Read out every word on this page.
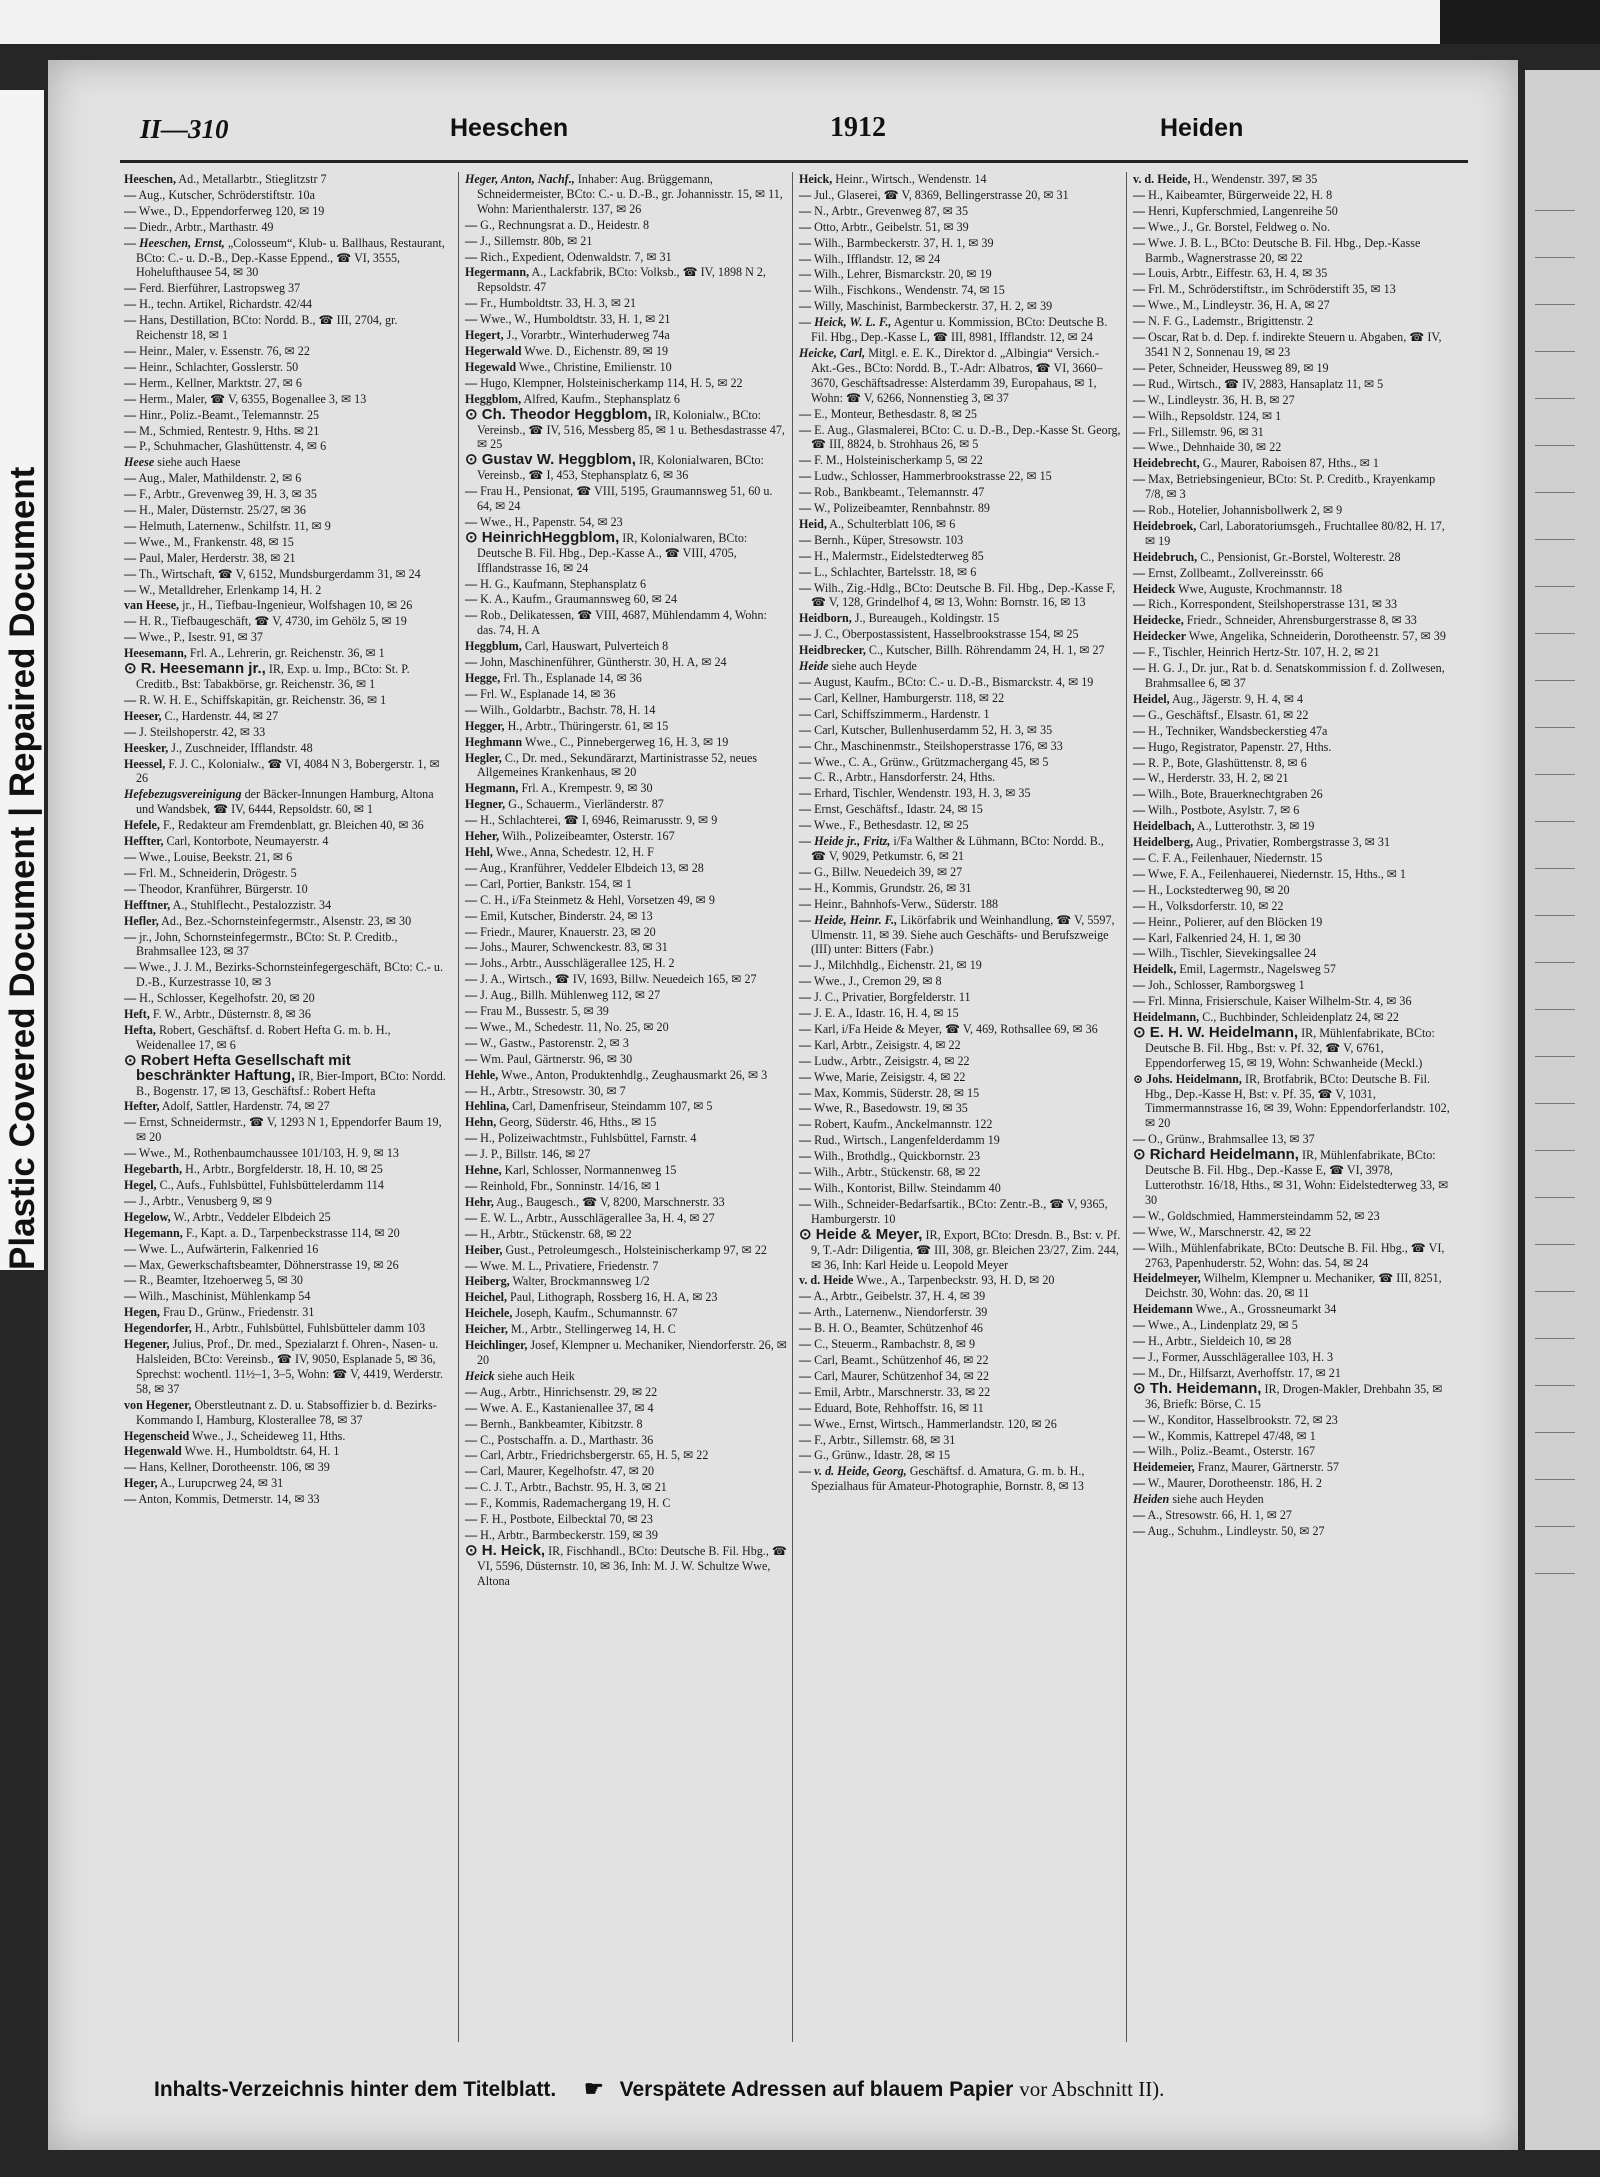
Plastic Covered Document | Repaired Document
II—310	Heeschen	1912	Heiden
Heeschen, Ad., Metallarbtr., Stieglitzstr 7
— Aug., Kutscher, Schröderstiftstr. 10a
— Wwe., D., Eppendorferweg 120, ✉ 19
— Diedr., Arbtr., Marthastr. 49
— Heeschen, Ernst, „Colosseum“, Klub- u. Ballhaus, Restaurant, BCto: C.- u. D.-B., Dep.-Kasse Eppend., ☎ VI, 3555, Hohelufthausee 54, ✉ 30
— Ferd. Bierführer, Lastropsweg 37
— H., techn. Artikel, Richardstr. 42/44
— Hans, Destillation, BCto: Nordd. B., ☎ III, 2704, gr. Reichenstr 18, ✉ 1
— Heinr., Maler, v. Essenstr. 76, ✉ 22
— Heinr., Schlachter, Gosslerstr. 50
— Herm., Kellner, Marktstr. 27, ✉ 6
— Herm., Maler, ☎ V, 6355, Bogenallee 3, ✉ 13
— Hinr., Poliz.-Beamt., Telemannstr. 25
— M., Schmied, Rentestr. 9, Hths. ✉ 21
— P., Schuhmacher, Glashüttenstr. 4, ✉ 6
Heese siehe auch Haese
— Aug., Maler, Mathildenstr. 2, ✉ 6
— F., Arbtr., Grevenweg 39, H. 3, ✉ 35
— H., Maler, Düsternstr. 25/27, ✉ 36
— Helmuth, Laternenw., Schilfstr. 11, ✉ 9
— Wwe., M., Frankenstr. 48, ✉ 15
— Paul, Maler, Herderstr. 38, ✉ 21
— Th., Wirtschaft, ☎ V, 6152, Mundsburgerdamm 31, ✉ 24
— W., Metalldreher, Erlenkamp 14, H. 2
van Heese, jr., H., Tiefbau-Ingenieur, Wolfshagen 10, ✉ 26
— H. R., Tiefbaugeschäft, ☎ V, 4730, im Gehölz 5, ✉ 19
— Wwe., P., Isestr. 91, ✉ 37
Heesemann, Frl. A., Lehrerin, gr. Reichenstr. 36, ✉ 1
⊙ R. Heesemann jr., IR, Exp. u. Imp., BCto: St. P. Creditb., Bst: Tabakbörse, gr. Reichenstr. 36, ✉ 1
— R. W. H. E., Schiffskapitän, gr. Reichenstr. 36, ✉ 1
Heeser, C., Hardenstr. 44, ✉ 27
— J. Steilshoperstr. 42, ✉ 33
Heesker, J., Zuschneider, Ifflandstr. 48
Heessel, F. J. C., Kolonialw., ☎ VI, 4084 N 3, Bobergerstr. 1, ✉ 26
Hefebezugsvereinigung der Bäcker-Innungen Hamburg, Altona und Wandsbek, ☎ IV, 6444, Repsoldstr. 60, ✉ 1
Hefele, F., Redakteur am Fremdenblatt, gr. Bleichen 40, ✉ 36
Heffter, Carl, Kontorbote, Neumayerstr. 4
— Wwe., Louise, Beekstr. 21, ✉ 6
— Frl. M., Schneiderin, Drögestr. 5
— Theodor, Kranführer, Bürgerstr. 10
Hefftner, A., Stuhlflecht., Pestalozzistr. 34
Hefler, Ad., Bez.-Schornsteinfegermstr., Alsenstr. 23, ✉ 30
— jr., John, Schornsteinfegermstr., BCto: St. P. Creditb., Brahmsallee 123, ✉ 37
— Wwe., J. J. M., Bezirks-Schornsteinfegergeschäft, BCto: C.- u. D.-B., Kurzestrasse 10, ✉ 3
— H., Schlosser, Kegelhofstr. 20, ✉ 20
Heft, F. W., Arbtr., Düsternstr. 8, ✉ 36
Hefta, Robert, Geschäftsf. d. Robert Hefta G. m. b. H., Weidenallee 17, ✉ 6
⊙ Robert Hefta Gesellschaft mit beschränkter Haftung, IR, Bier-Import, BCto: Nordd. B., Bogenstr. 17, ✉ 13, Geschäftsf.: Robert Hefta
Hefter, Adolf, Sattler, Hardenstr. 74, ✉ 27
— Ernst, Schneidermstr., ☎ V, 1293 N 1, Eppendorfer Baum 19, ✉ 20
— Wwe., M., Rothenbaumchaussee 101/103, H. 9, ✉ 13
Hegebarth, H., Arbtr., Borgfelderstr. 18, H. 10, ✉ 25
Hegel, C., Aufs., Fuhlsbüttel, Fuhlsbüttelerdamm 114
— J., Arbtr., Venusberg 9, ✉ 9
Hegelow, W., Arbtr., Veddeler Elbdeich 25
Hegemann, F., Kapt. a. D., Tarpenbeckstrasse 114, ✉ 20
— Wwe. L., Aufwärterin, Falkenried 16
— Max, Gewerkschaftsbeamter, Döhnerstrasse 19, ✉ 26
— R., Beamter, Itzehoerweg 5, ✉ 30
— Wilh., Maschinist, Mühlenkamp 54
Hegen, Frau D., Grünw., Friedenstr. 31
Hegendorfer, H., Arbtr., Fuhlsbüttel, Fuhlsbütteler damm 103
Hegener, Julius, Prof., Dr. med., Spezialarzt f. Ohren-, Nasen- u. Halsleiden, BCto: Vereinsb., ☎ IV, 9050, Esplanade 5, ✉ 36, Sprechst: wochentl. 11½–1, 3–5, Wohn: ☎ V, 4419, Werderstr. 58, ✉ 37
von Hegener, Oberstleutnant z. D. u. Stabsoffizier b. d. Bezirks-Kommando I, Hamburg, Klosterallee 78, ✉ 37
Hegenscheid Wwe., J., Scheideweg 11, Hths.
Hegenwald Wwe. H., Humboldtstr. 64, H. 1
— Hans, Kellner, Dorotheenstr. 106, ✉ 39
Heger, A., Lurupcrweg 24, ✉ 31
— Anton, Kommis, Detmerstr. 14, ✉ 33
Heger, Anton, Nachf., Inhaber: Aug. Brüggemann, Schneidermeister, BCto: C.- u. D.-B., gr. Johannisstr. 15, ✉ 11, Wohn: Marienthalerstr. 137, ✉ 26
— G., Rechnungsrat a. D., Heidestr. 8
— J., Sillemstr. 80b, ✉ 21
— Rich., Expedient, Odenwaldstr. 7, ✉ 31
Hegermann, A., Lackfabrik, BCto: Volksb., ☎ IV, 1898 N 2, Repsoldstr. 47
— Fr., Humboldtstr. 33, H. 3, ✉ 21
— Wwe., W., Humboldtstr. 33, H. 1, ✉ 21
Hegert, J., Vorarbtr., Winterhuderweg 74a
Hegerwald Wwe. D., Eichenstr. 89, ✉ 19
Hegewald Wwe., Christine, Emilienstr. 10
— Hugo, Klempner, Holsteinischerkamp 114, H. 5, ✉ 22
Heggblom, Alfred, Kaufm., Stephansplatz 6
⊙ Ch. Theodor Heggblom, IR, Kolonialw., BCto: Vereinsb., ☎ IV, 516, Messberg 85, ✉ 1 u. Bethesdastrasse 47, ✉ 25
⊙ Gustav W. Heggblom, IR, Kolonialwaren, BCto: Vereinsb., ☎ I, 453, Stephansplatz 6, ✉ 36
— Frau H., Pensionat, ☎ VIII, 5195, Graumannsweg 51, 60 u. 64, ✉ 24
— Wwe., H., Papenstr. 54, ✉ 23
⊙ HeinrichHeggblom, IR, Kolonialwaren, BCto: Deutsche B. Fil. Hbg., Dep.-Kasse A., ☎ VIII, 4705, Ifflandstrasse 16, ✉ 24
— H. G., Kaufmann, Stephansplatz 6
— K. A., Kaufm., Graumannsweg 60, ✉ 24
— Rob., Delikatessen, ☎ VIII, 4687, Mühlendamm 4, Wohn: das. 74, H. A
Heggblum, Carl, Hauswart, Pulverteich 8
— John, Maschinenführer, Güntherstr. 30, H. A, ✉ 24
Hegge, Frl. Th., Esplanade 14, ✉ 36
— Frl. W., Esplanade 14, ✉ 36
— Wilh., Goldarbtr., Bachstr. 78, H. 14
Hegger, H., Arbtr., Thüringerstr. 61, ✉ 15
Heghmann Wwe., C., Pinnebergerweg 16, H. 3, ✉ 19
Hegler, C., Dr. med., Sekundärarzt, Martinistrasse 52, neues Allgemeines Krankenhaus, ✉ 20
Hegmann, Frl. A., Krempestr. 9, ✉ 30
Hegner, G., Schauerm., Vierländerstr. 87
— H., Schlachterei, ☎ I, 6946, Reimarusstr. 9, ✉ 9
Heher, Wilh., Polizeibeamter, Osterstr. 167
Hehl, Wwe., Anna, Schedestr. 12, H. F
— Aug., Kranführer, Veddeler Elbdeich 13, ✉ 28
— Carl, Portier, Bankstr. 154, ✉ 1
— C. H., i/Fa Steinmetz & Hehl, Vorsetzen 49, ✉ 9
— Emil, Kutscher, Binderstr. 24, ✉ 13
— Friedr., Maurer, Knauerstr. 23, ✉ 20
— Johs., Maurer, Schwenckestr. 83, ✉ 31
— Johs., Arbtr., Ausschlägerallee 125, H. 2
— J. A., Wirtsch., ☎ IV, 1693, Billw. Neuedeich 165, ✉ 27
— J. Aug., Billh. Mühlenweg 112, ✉ 27
— Frau M., Bussestr. 5, ✉ 39
— Wwe., M., Schedestr. 11, No. 25, ✉ 20
— W., Gastw., Pastorenstr. 2, ✉ 3
— Wm. Paul, Gärtnerstr. 96, ✉ 30
Hehle, Wwe., Anton, Produktenhdlg., Zeughausmarkt 26, ✉ 3
— H., Arbtr., Stresowstr. 30, ✉ 7
Hehlina, Carl, Damenfriseur, Steindamm 107, ✉ 5
Hehn, Georg, Süderstr. 46, Hths., ✉ 15
— H., Polizeiwachtmstr., Fuhlsbüttel, Farnstr. 4
— J. P., Billstr. 146, ✉ 27
Hehne, Karl, Schlosser, Normannenweg 15
— Reinhold, Fbr., Sonninstr. 14/16, ✉ 1
Hehr, Aug., Baugesch., ☎ V, 8200, Marschnerstr. 33
— E. W. L., Arbtr., Ausschlägerallee 3a, H. 4, ✉ 27
— H., Arbtr., Stückenstr. 68, ✉ 22
Heiber, Gust., Petroleumgesch., Holsteinischerkamp 97, ✉ 22
— Wwe. M. L., Privatiere, Friedenstr. 7
Heiberg, Walter, Brockmannsweg 1/2
Heichel, Paul, Lithograph, Rossberg 16, H. A, ✉ 23
Heichele, Joseph, Kaufm., Schumannstr. 67
Heicher, M., Arbtr., Stellingerweg 14, H. C
Heichlinger, Josef, Klempner u. Mechaniker, Niendorferstr. 26, ✉ 20
Heick siehe auch Heik
— Aug., Arbtr., Hinrichsenstr. 29, ✉ 22
— Wwe. A. E., Kastanienallee 37, ✉ 4
— Bernh., Bankbeamter, Kibitzstr. 8
— C., Postschaffn. a. D., Marthastr. 36
— Carl, Arbtr., Friedrichsbergerstr. 65, H. 5, ✉ 22
— Carl, Maurer, Kegelhofstr. 47, ✉ 20
— C. J. T., Arbtr., Bachstr. 95, H. 3, ✉ 21
— F., Kommis, Rademachergang 19, H. C
— F. H., Postbote, Eilbecktal 70, ✉ 23
— H., Arbtr., Barmbeckerstr. 159, ✉ 39
⊙ H. Heick, IR, Fischhandl., BCto: Deutsche B. Fil. Hbg., ☎ VI, 5596, Düsternstr. 10, ✉ 36, Inh: M. J. W. Schultze Wwe, Altona
Heick, Heinr., Wirtsch., Wendenstr. 14
— Jul., Glaserei, ☎ V, 8369, Bellingerstrasse 20, ✉ 31
— N., Arbtr., Grevenweg 87, ✉ 35
— Otto, Arbtr., Geibelstr. 51, ✉ 39
— Wilh., Barmbeckerstr. 37, H. 1, ✉ 39
— Wilh., Ifflandstr. 12, ✉ 24
— Wilh., Lehrer, Bismarckstr. 20, ✉ 19
— Wilh., Fischkons., Wendenstr. 74, ✉ 15
— Willy, Maschinist, Barmbeckerstr. 37, H. 2, ✉ 39
— Heick, W. L. F., Agentur u. Kommission, BCto: Deutsche B. Fil. Hbg., Dep.-Kasse L, ☎ III, 8981, Ifflandstr. 12, ✉ 24
Heicke, Carl, Mitgl. e. E. K., Direktor d. „Albingia“ Versich.- Akt.-Ges., BCto: Nordd. B., T.-Adr: Albatros, ☎ VI, 3660–3670, Geschäftsadresse: Alsterdamm 39, Europahaus, ✉ 1, Wohn: ☎ V, 6266, Nonnenstieg 3, ✉ 37
— E., Monteur, Bethesdastr. 8, ✉ 25
— E. Aug., Glasmalerei, BCto: C. u. D.-B., Dep.-Kasse St. Georg, ☎ III, 8824, b. Strohhaus 26, ✉ 5
— F. M., Holsteinischerkamp 5, ✉ 22
— Ludw., Schlosser, Hammerbrookstrasse 22, ✉ 15
— Rob., Bankbeamt., Telemannstr. 47
— W., Polizeibeamter, Rennbahnstr. 89
Heid, A., Schulterblatt 106, ✉ 6
— Bernh., Küper, Stresowstr. 103
— H., Malermstr., Eidelstedterweg 85
— L., Schlachter, Bartelsstr. 18, ✉ 6
— Wilh., Zig.-Hdlg., BCto: Deutsche B. Fil. Hbg., Dep.-Kasse F, ☎ V, 128, Grindelhof 4, ✉ 13, Wohn: Bornstr. 16, ✉ 13
Heidborn, J., Bureaugeh., Koldingstr. 15
— J. C., Oberpostassistent, Hasselbrookstrasse 154, ✉ 25
Heidbrecker, C., Kutscher, Billh. Röhrendamm 24, H. 1, ✉ 27
Heide siehe auch Heyde
— August, Kaufm., BCto: C.- u. D.-B., Bismarckstr. 4, ✉ 19
— Carl, Kellner, Hamburgerstr. 118, ✉ 22
— Carl, Schiffszimmerm., Hardenstr. 1
— Carl, Kutscher, Bullenhuserdamm 52, H. 3, ✉ 35
— Chr., Maschinenmstr., Steilshoperstrasse 176, ✉ 33
— Wwe., C. A., Grünw., Grützmachergang 45, ✉ 5
— C. R., Arbtr., Hansdorferstr. 24, Hths.
— Erhard, Tischler, Wendenstr. 193, H. 3, ✉ 35
— Ernst, Geschäftsf., Idastr. 24, ✉ 15
— Wwe., F., Bethesdastr. 12, ✉ 25
— Heide jr., Fritz, i/Fa Walther & Lühmann, BCto: Nordd. B., ☎ V, 9029, Petkumstr. 6, ✉ 21
— G., Billw. Neuedeich 39, ✉ 27
— H., Kommis, Grundstr. 26, ✉ 31
— Heinr., Bahnhofs-Verw., Süderstr. 188
— Heide, Heinr. F., Likörfabrik und Weinhandlung, ☎ V, 5597, Ulmenstr. 11, ✉ 39. Siehe auch Geschäfts- und Berufszweige (III) unter: Bitters (Fabr.)
— J., Milchhdlg., Eichenstr. 21, ✉ 19
— Wwe., J., Cremon 29, ✉ 8
— J. C., Privatier, Borgfelderstr. 11
— J. E. A., Idastr. 16, H. 4, ✉ 15
— Karl, i/Fa Heide & Meyer, ☎ V, 469, Rothsallee 69, ✉ 36
— Karl, Arbtr., Zeisigstr. 4, ✉ 22
— Ludw., Arbtr., Zeisigstr. 4, ✉ 22
— Wwe, Marie, Zeisigstr. 4, ✉ 22
— Max, Kommis, Süderstr. 28, ✉ 15
— Wwe, R., Basedowstr. 19, ✉ 35
— Robert, Kaufm., Anckelmannstr. 122
— Rud., Wirtsch., Langenfelderdamm 19
— Wilh., Brothdlg., Quickbornstr. 23
— Wilh., Arbtr., Stückenstr. 68, ✉ 22
— Wilh., Kontorist, Billw. Steindamm 40
— Wilh., Schneider-Bedarfsartik., BCto: Zentr.-B., ☎ V, 9365, Hamburgerstr. 10
⊙ Heide & Meyer, IR, Export, BCto: Dresdn. B., Bst: v. Pf. 9, T.-Adr: Diligentia, ☎ III, 308, gr. Bleichen 23/27, Zim. 244, ✉ 36, Inh: Karl Heide u. Leopold Meyer
v. d. Heide Wwe., A., Tarpenbeckstr. 93, H. D, ✉ 20
— A., Arbtr., Geibelstr. 37, H. 4, ✉ 39
— Arth., Laternenw., Niendorferstr. 39
— B. H. O., Beamter, Schützenhof 46
— C., Steuerm., Rambachstr. 8, ✉ 9
— Carl, Beamt., Schützenhof 46, ✉ 22
— Carl, Maurer, Schützenhof 34, ✉ 22
— Emil, Arbtr., Marschnerstr. 33, ✉ 22
— Eduard, Bote, Rehhoffstr. 16, ✉ 11
— Wwe., Ernst, Wirtsch., Hammerlandstr. 120, ✉ 26
— F., Arbtr., Sillemstr. 68, ✉ 31
— G., Grünw., Idastr. 28, ✉ 15
— v. d. Heide, Georg, Geschäftsf. d. Amatura, G. m. b. H., Spezialhaus für Amateur-Photographie, Bornstr. 8, ✉ 13
v. d. Heide, H., Wendenstr. 397, ✉ 35
— H., Kaibeamter, Bürgerweide 22, H. 8
— Henri, Kupferschmied, Langenreihe 50
— Wwe., J., Gr. Borstel, Feldweg o. No.
— Wwe. J. B. L., BCto: Deutsche B. Fil. Hbg., Dep.-Kasse Barmb., Wagnerstrasse 20, ✉ 22
— Louis, Arbtr., Eiffestr. 63, H. 4, ✉ 35
— Frl. M., Schröderstiftstr., im Schröderstift 35, ✉ 13
— Wwe., M., Lindleystr. 36, H. A, ✉ 27
— N. F. G., Lademstr., Brigittenstr. 2
— Oscar, Rat b. d. Dep. f. indirekte Steuern u. Abgaben, ☎ IV, 3541 N 2, Sonnenau 19, ✉ 23
— Peter, Schneider, Heussweg 89, ✉ 19
— Rud., Wirtsch., ☎ IV, 2883, Hansaplatz 11, ✉ 5
— W., Lindleystr. 36, H. B, ✉ 27
— Wilh., Repsoldstr. 124, ✉ 1
— Frl., Sillemstr. 96, ✉ 31
— Wwe., Dehnhaide 30, ✉ 22
Heidebrecht, G., Maurer, Raboisen 87, Hths., ✉ 1
— Max, Betriebsingenieur, BCto: St. P. Creditb., Krayenkamp 7/8, ✉ 3
— Rob., Hotelier, Johannisbollwerk 2, ✉ 9
Heidebroek, Carl, Laboratoriumsgeh., Fruchtallee 80/82, H. 17, ✉ 19
Heidebruch, C., Pensionist, Gr.-Borstel, Wolterestr. 28
— Ernst, Zollbeamt., Zollvereinsstr. 66
Heideck Wwe, Auguste, Krochmannstr. 18
— Rich., Korrespondent, Steilshoperstrasse 131, ✉ 33
Heidecke, Friedr., Schneider, Ahrensburgerstrasse 8, ✉ 33
Heidecker Wwe, Angelika, Schneiderin, Dorotheenstr. 57, ✉ 39
— F., Tischler, Heinrich Hertz-Str. 107, H. 2, ✉ 21
— H. G. J., Dr. jur., Rat b. d. Senatskommission f. d. Zollwesen, Brahmsallee 6, ✉ 37
Heidel, Aug., Jägerstr. 9, H. 4, ✉ 4
— G., Geschäftsf., Elsastr. 61, ✉ 22
— H., Techniker, Wandsbeckerstieg 47a
— Hugo, Registrator, Papenstr. 27, Hths.
— R. P., Bote, Glashüttenstr. 8, ✉ 6
— W., Herderstr. 33, H. 2, ✉ 21
— Wilh., Bote, Brauerknechtgraben 26
— Wilh., Postbote, Asylstr. 7, ✉ 6
Heidelbach, A., Lutterothstr. 3, ✉ 19
Heidelberg, Aug., Privatier, Rombergstrasse 3, ✉ 31
— C. F. A., Feilenhauer, Niedernstr. 15
— Wwe, F. A., Feilenhauerei, Niedernstr. 15, Hths., ✉ 1
— H., Lockstedterweg 90, ✉ 20
— H., Volksdorferstr. 10, ✉ 22
— Heinr., Polierer, auf den Blöcken 19
— Karl, Falkenried 24, H. 1, ✉ 30
— Wilh., Tischler, Sievekingsallee 24
Heidelk, Emil, Lagermstr., Nagelsweg 57
— Joh., Schlosser, Ramborgsweg 1
— Frl. Minna, Frisierschule, Kaiser Wilhelm-Str. 4, ✉ 36
Heidelmann, C., Buchbinder, Schleidenplatz 24, ✉ 22
⊙ E. H. W. Heidelmann, IR, Mühlenfabrikate, BCto: Deutsche B. Fil. Hbg., Bst: v. Pf. 32, ☎ V, 6761, Eppendorferweg 15, ✉ 19, Wohn: Schwanheide (Meckl.)
⊙ Johs. Heidelmann, IR, Brotfabrik, BCto: Deutsche B. Fil. Hbg., Dep.-Kasse H, Bst: v. Pf. 35, ☎ V, 1031, Timmermannstrasse 16, ✉ 39, Wohn: Eppendorferlandstr. 102, ✉ 20
— O., Grünw., Brahmsallee 13, ✉ 37
⊙ Richard Heidelmann, IR, Mühlenfabrikate, BCto: Deutsche B. Fil. Hbg., Dep.-Kasse E, ☎ VI, 3978, Lutterothstr. 16/18, Hths., ✉ 31, Wohn: Eidelstedterweg 33, ✉ 30
— W., Goldschmied, Hammersteindamm 52, ✉ 23
— Wwe, W., Marschnerstr. 42, ✉ 22
— Wilh., Mühlenfabrikate, BCto: Deutsche B. Fil. Hbg., ☎ VI, 2763, Papenhuderstr. 52, Wohn: das. 54, ✉ 24
Heidelmeyer, Wilhelm, Klempner u. Mechaniker, ☎ III, 8251, Deichstr. 30, Wohn: das. 20, ✉ 11
Heidemann Wwe., A., Grossneumarkt 34
— Wwe., A., Lindenplatz 29, ✉ 5
— H., Arbtr., Sieldeich 10, ✉ 28
— J., Former, Ausschlägerallee 103, H. 3
— M., Dr., Hilfsarzt, Averhoffstr. 17, ✉ 21
⊙ Th. Heidemann, IR, Drogen-Makler, Drehbahn 35, ✉ 36, Briefk: Börse, C. 15
— W., Konditor, Hasselbrookstr. 72, ✉ 23
— W., Kommis, Kattrepel 47/48, ✉ 1
— Wilh., Poliz.-Beamt., Osterstr. 167
Heidemeier, Franz, Maurer, Gärtnerstr. 57
— W., Maurer, Dorotheenstr. 186, H. 2
Heiden siehe auch Heyden
— A., Stresowstr. 66, H. 1, ✉ 27
— Aug., Schuhm., Lindleystr. 50, ✉ 27
Inhalts-Verzeichnis hinter dem Titelblatt. ☛ Verspätete Adressen auf blauem Papier vor Abschnitt II).
